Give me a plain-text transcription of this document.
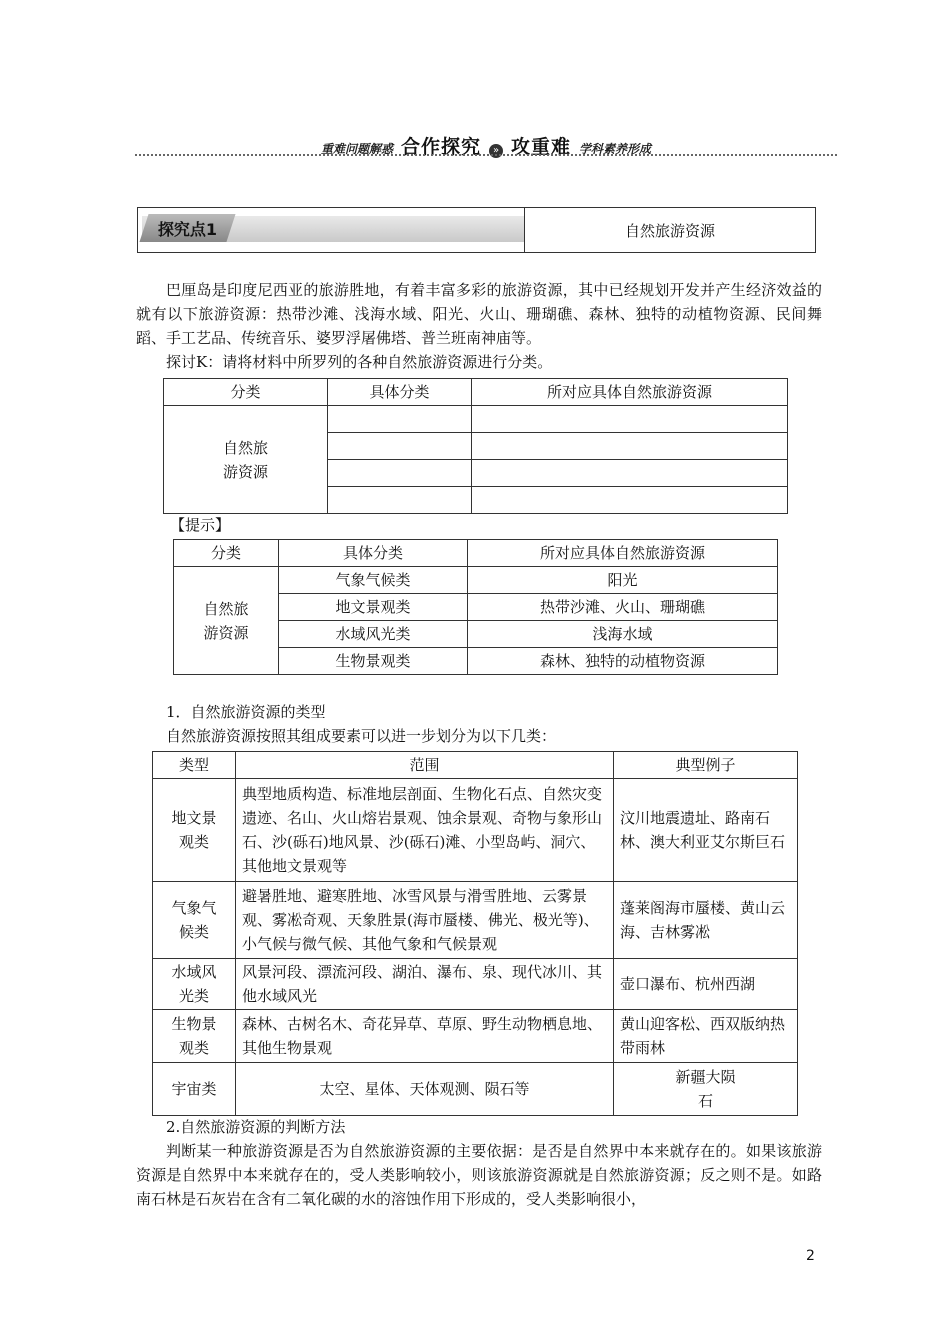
重难问题解惑 合作探究	» 攻重难 学科素养形成
探究点1	自然旅游资源

巴厘岛是印度尼西亚的旅游胜地，有着丰富多彩的旅游资源，其中已经规划开发并产生经济效益的就有以下旅游资源：热带沙滩、浅海水域、阳光、火山、珊瑚礁、森林、独特的动植物资源、民间舞蹈、手工艺品、传统音乐、婆罗浮屠佛塔、普兰班南神庙等。

探讨K：请将材料中所罗列的各种自然旅游资源进行分类。

分类	具体分类	所对应具体自然旅游资源
自然旅
游资源		

【提示】
分类	具体分类	所对应具体自然旅游资源
自然旅
游资源	气象气候类	阳光
	地文景观类	热带沙滩、火山、珊瑚礁
	水域风光类	浅海水域
	生物景观类	森林、独特的动植物资源

1．自然旅游资源的类型

自然旅游资源按照其组成要素可以进一步划分为以下几类：

类型	范围	典型例子
地文景
观类	典型地质构造、标准地层剖面、生物化石点、自然灾变遗迹、名山、火山熔岩景观、蚀余景观、奇物与象形山石、沙(砾石)地风景、沙(砾石)滩、小型岛屿、洞穴、其他地文景观等	汶川地震遗址、路南石林、澳大利亚艾尔斯巨石
气象气
候类	避暑胜地、避寒胜地、冰雪风景与滑雪胜地、云雾景观、雾凇奇观、天象胜景(海市蜃楼、佛光、极光等)、小气候与微气候、其他气象和气候景观	蓬莱阁海市蜃楼、黄山云海、吉林雾凇
水域风
光类	风景河段、漂流河段、湖泊、瀑布、泉、现代冰川、其他水域风光	壶口瀑布、杭州西湖
生物景
观类	森林、古树名木、奇花异草、草原、野生动物栖息地、其他生物景观	黄山迎客松、西双版纳热带雨林
宇宙类	太空、星体、天体观测、陨石等	新疆大陨
石

2.自然旅游资源的判断方法

判断某一种旅游资源是否为自然旅游资源的主要依据：是否是自然界中本来就存在的。如果该旅游资源是自然界中本来就存在的，受人类影响较小，则该旅游资源就是自然旅游资源；反之则不是。如路南石林是石灰岩在含有二氧化碳的水的溶蚀作用下形成的，受人类影响很小，

2
